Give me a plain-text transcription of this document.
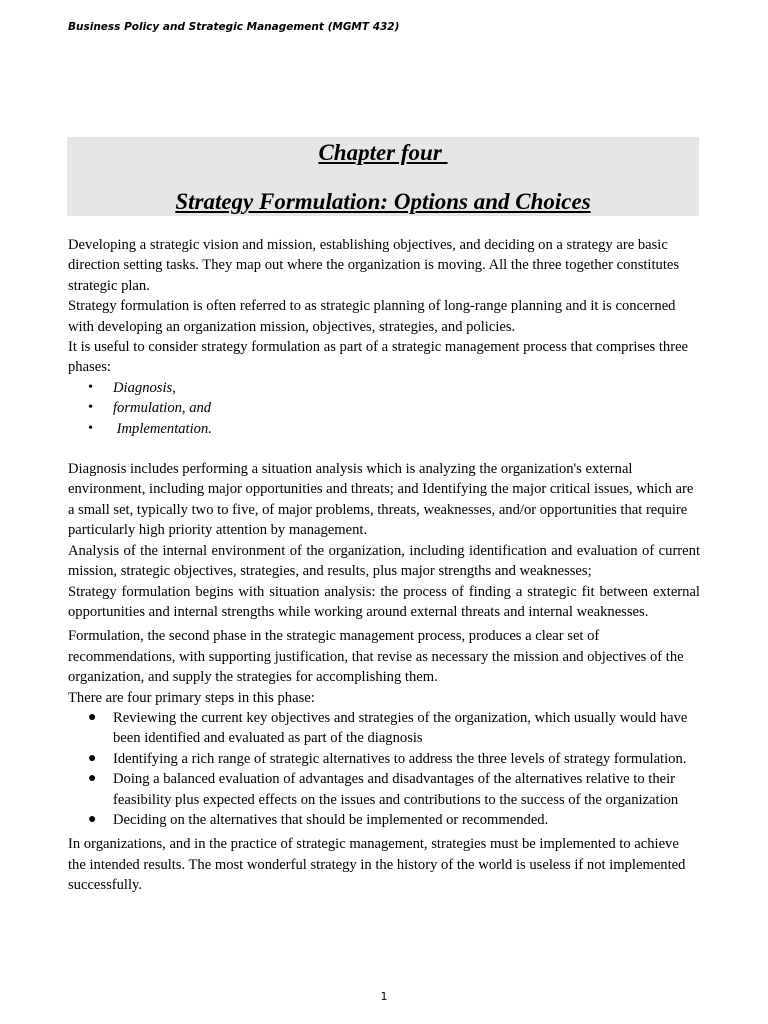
Business Policy and Strategic Management (MGMT 432)
Chapter four
Strategy Formulation: Options and Choices

Developing a strategic vision and mission, establishing objectives, and deciding on a strategy are basic direction setting tasks. They map out where the organization is moving. All the three together constitutes strategic plan.

Strategy formulation is often referred to as strategic planning of long-range planning and it is concerned with developing an organization mission, objectives, strategies, and policies.

It is useful to consider strategy formulation as part of a strategic management process that comprises three phases:

• Diagnosis,
• formulation, and
• Implementation.

Diagnosis includes performing a situation analysis which is analyzing the organization's external environment, including major opportunities and threats; and Identifying the major critical issues, which are a small set, typically two to five, of major problems, threats, weaknesses, and/or opportunities that require particularly high priority attention by management.

Analysis of the internal environment of the organization, including identification and evaluation of current mission, strategic objectives, strategies, and results, plus major strengths and weaknesses;

Strategy formulation begins with situation analysis: the process of finding a strategic fit between external opportunities and internal strengths while working around external threats and internal weaknesses.

Formulation, the second phase in the strategic management process, produces a clear set of recommendations, with supporting justification, that revise as necessary the mission and objectives of the organization, and supply the strategies for accomplishing them.

There are four primary steps in this phase:

● Reviewing the current key objectives and strategies of the organization, which usually would have been identified and evaluated as part of the diagnosis
● Identifying a rich range of strategic alternatives to address the three levels of strategy formulation.
● Doing a balanced evaluation of advantages and disadvantages of the alternatives relative to their feasibility plus expected effects on the issues and contributions to the success of the organization
● Deciding on the alternatives that should be implemented or recommended.

In organizations, and in the practice of strategic management, strategies must be implemented to achieve the intended results. The most wonderful strategy in the history of the world is useless if not implemented successfully.

1
